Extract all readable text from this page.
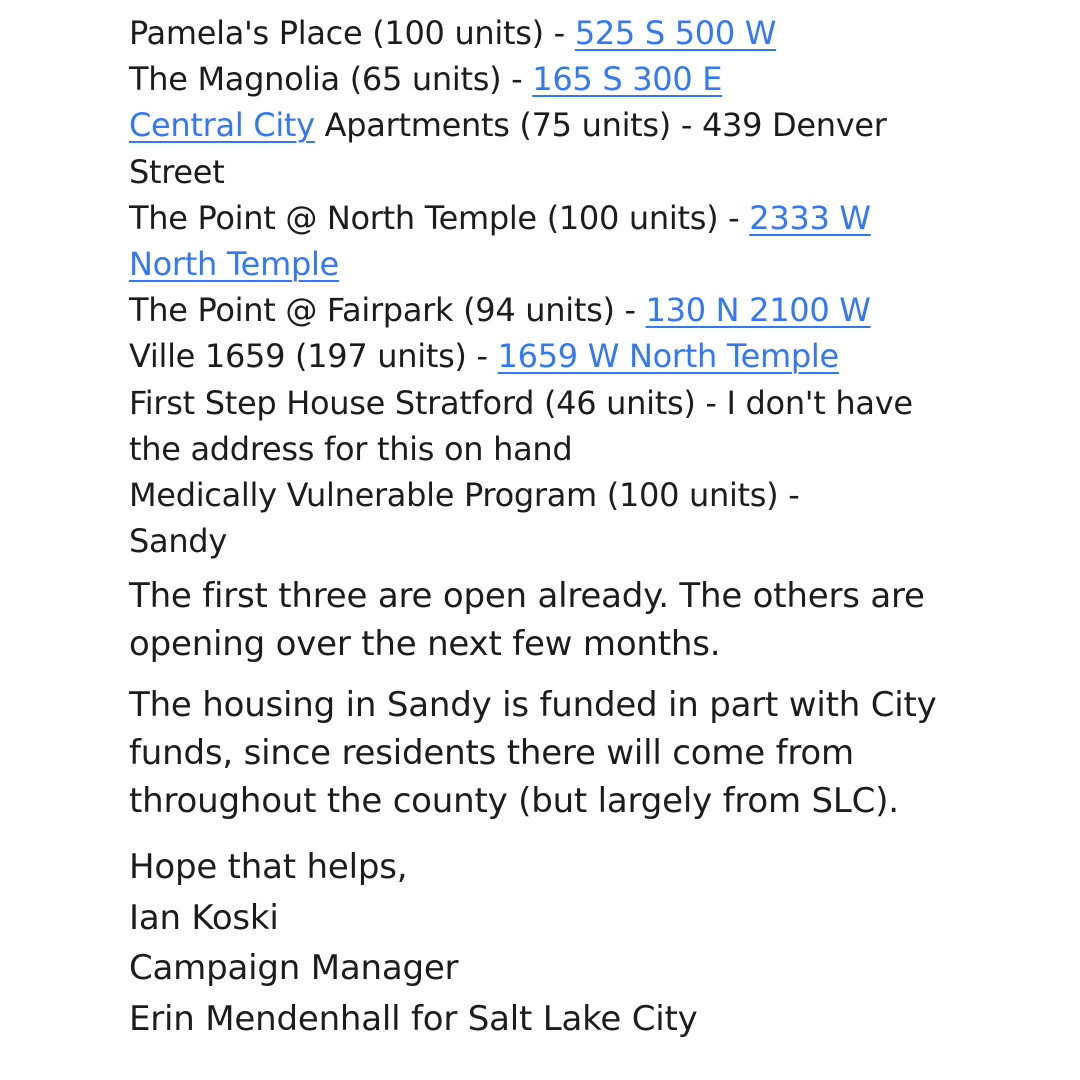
Pamela's Place (100 units) - 525 S 500 W
The Magnolia (65 units) - 165 S 300 E
Central City Apartments (75 units) - 439 Denver Street
The Point @ North Temple (100 units) - 2333 W North Temple
The Point @ Fairpark (94 units) - 130 N 2100 W
Ville 1659 (197 units) - 1659 W North Temple
First Step House Stratford (46 units) - I don't have the address for this on hand
Medically Vulnerable Program (100 units) - Sandy

The first three are open already. The others are opening over the next few months.

The housing in Sandy is funded in part with City funds, since residents there will come from throughout the county (but largely from SLC).

Hope that helps,
Ian Koski
Campaign Manager
Erin Mendenhall for Salt Lake City
